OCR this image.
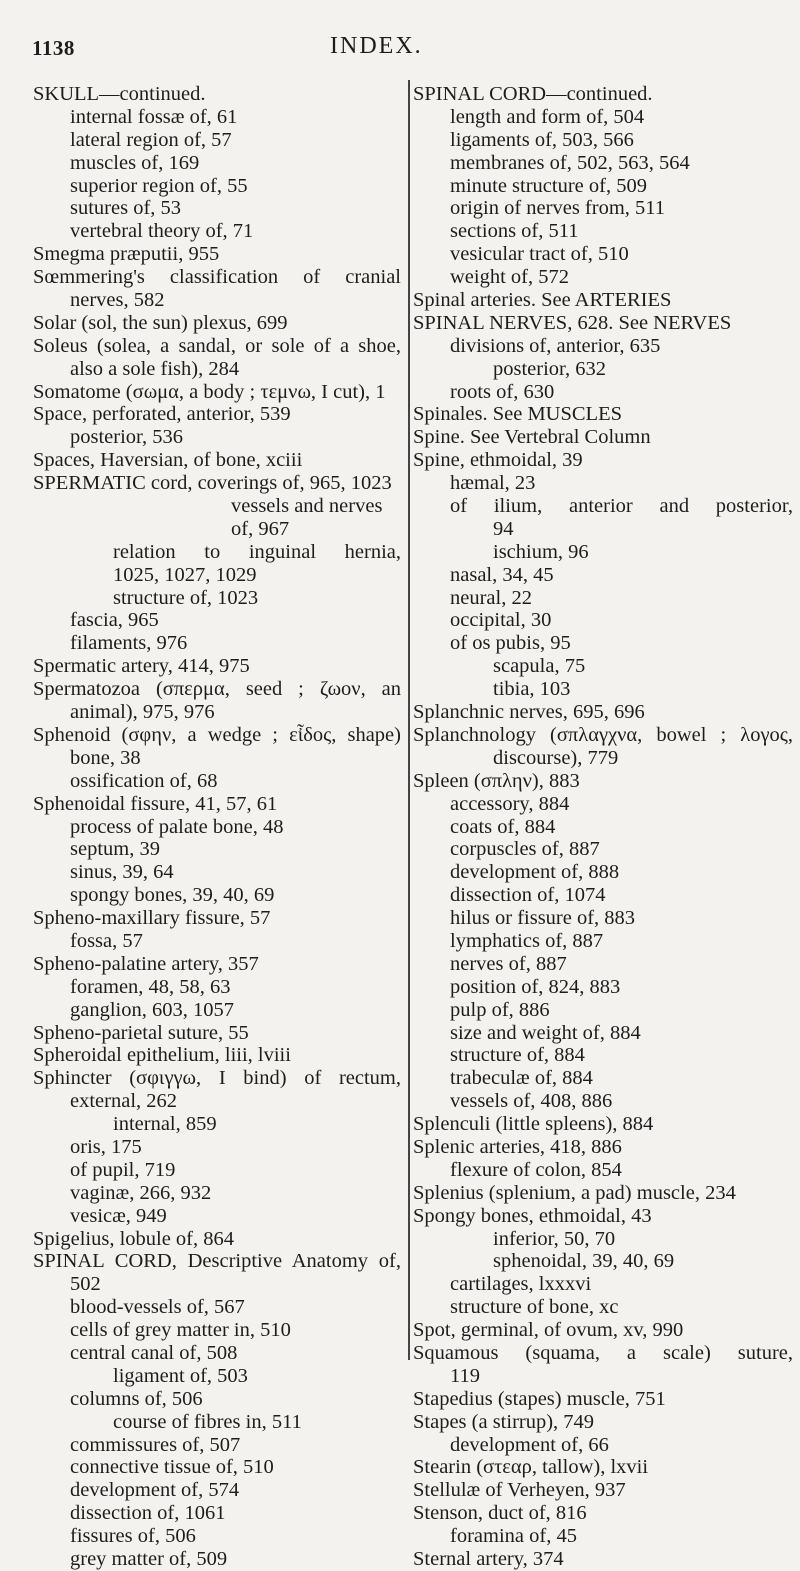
1138	INDEX.
SKULL—continued.
internal fossæ of, 61
lateral region of, 57
muscles of, 169
superior region of, 55
sutures of, 53
vertebral theory of, 71
Smegma præputii, 955
Sœmmering's classification of cranial
nerves, 582
Solar (sol, the sun) plexus, 699
Soleus (solea, a sandal, or sole of a shoe,
also a sole fish), 284
Somatome (σωμα, a body ; τεμνω, I cut), 1
Space, perforated, anterior, 539
posterior, 536
Spaces, Haversian, of bone, xciii
SPERMATIC cord, coverings of, 965, 1023
vessels and nerves
of, 967
relation to inguinal hernia,
1025, 1027, 1029
structure of, 1023
fascia, 965
filaments, 976
Spermatic artery, 414, 975
Spermatozoa (σπερμα, seed ; ζωον, an
animal), 975, 976
Sphenoid (σφην, a wedge ; εἶδος, shape)
bone, 38
ossification of, 68
Sphenoidal fissure, 41, 57, 61
process of palate bone, 48
septum, 39
sinus, 39, 64
spongy bones, 39, 40, 69
Spheno-maxillary fissure, 57
fossa, 57
Spheno-palatine artery, 357
foramen, 48, 58, 63
ganglion, 603, 1057
Spheno-parietal suture, 55
Spheroidal epithelium, liii, lviii
Sphincter (σφιγγω, I bind) of rectum,
external, 262
internal, 859
oris, 175
of pupil, 719
vaginæ, 266, 932
vesicæ, 949
Spigelius, lobule of, 864
SPINAL CORD, Descriptive Anatomy of,
502
blood-vessels of, 567
cells of grey matter in, 510
central canal of, 508
ligament of, 503
columns of, 506
course of fibres in, 511
commissures of, 507
connective tissue of, 510
development of, 574
dissection of, 1061
fissures of, 506
grey matter of, 509
SPINAL CORD—continued.
length and form of, 504
ligaments of, 503, 566
membranes of, 502, 563, 564
minute structure of, 509
origin of nerves from, 511
sections of, 511
vesicular tract of, 510
weight of, 572
Spinal arteries. See ARTERIES
SPINAL NERVES, 628. See NERVES
divisions of, anterior, 635
posterior, 632
roots of, 630
Spinales. See MUSCLES
Spine. See Vertebral Column
Spine, ethmoidal, 39
hæmal, 23
of ilium, anterior and posterior,
94
ischium, 96
nasal, 34, 45
neural, 22
occipital, 30
of os pubis, 95
scapula, 75
tibia, 103
Splanchnic nerves, 695, 696
Splanchnology (σπλαγχνα, bowel ; λογος,
discourse), 779
Spleen (σπλην), 883
accessory, 884
coats of, 884
corpuscles of, 887
development of, 888
dissection of, 1074
hilus or fissure of, 883
lymphatics of, 887
nerves of, 887
position of, 824, 883
pulp of, 886
size and weight of, 884
structure of, 884
trabeculæ of, 884
vessels of, 408, 886
Splenculi (little spleens), 884
Splenic arteries, 418, 886
flexure of colon, 854
Splenius (splenium, a pad) muscle, 234
Spongy bones, ethmoidal, 43
inferior, 50, 70
sphenoidal, 39, 40, 69
cartilages, lxxxvi
structure of bone, xc
Spot, germinal, of ovum, xv, 990
Squamous (squama, a scale) suture,
119
Stapedius (stapes) muscle, 751
Stapes (a stirrup), 749
development of, 66
Stearin (στεαρ, tallow), lxvii
Stellulæ of Verheyen, 937
Stenson, duct of, 816
foramina of, 45
Sternal artery, 374
